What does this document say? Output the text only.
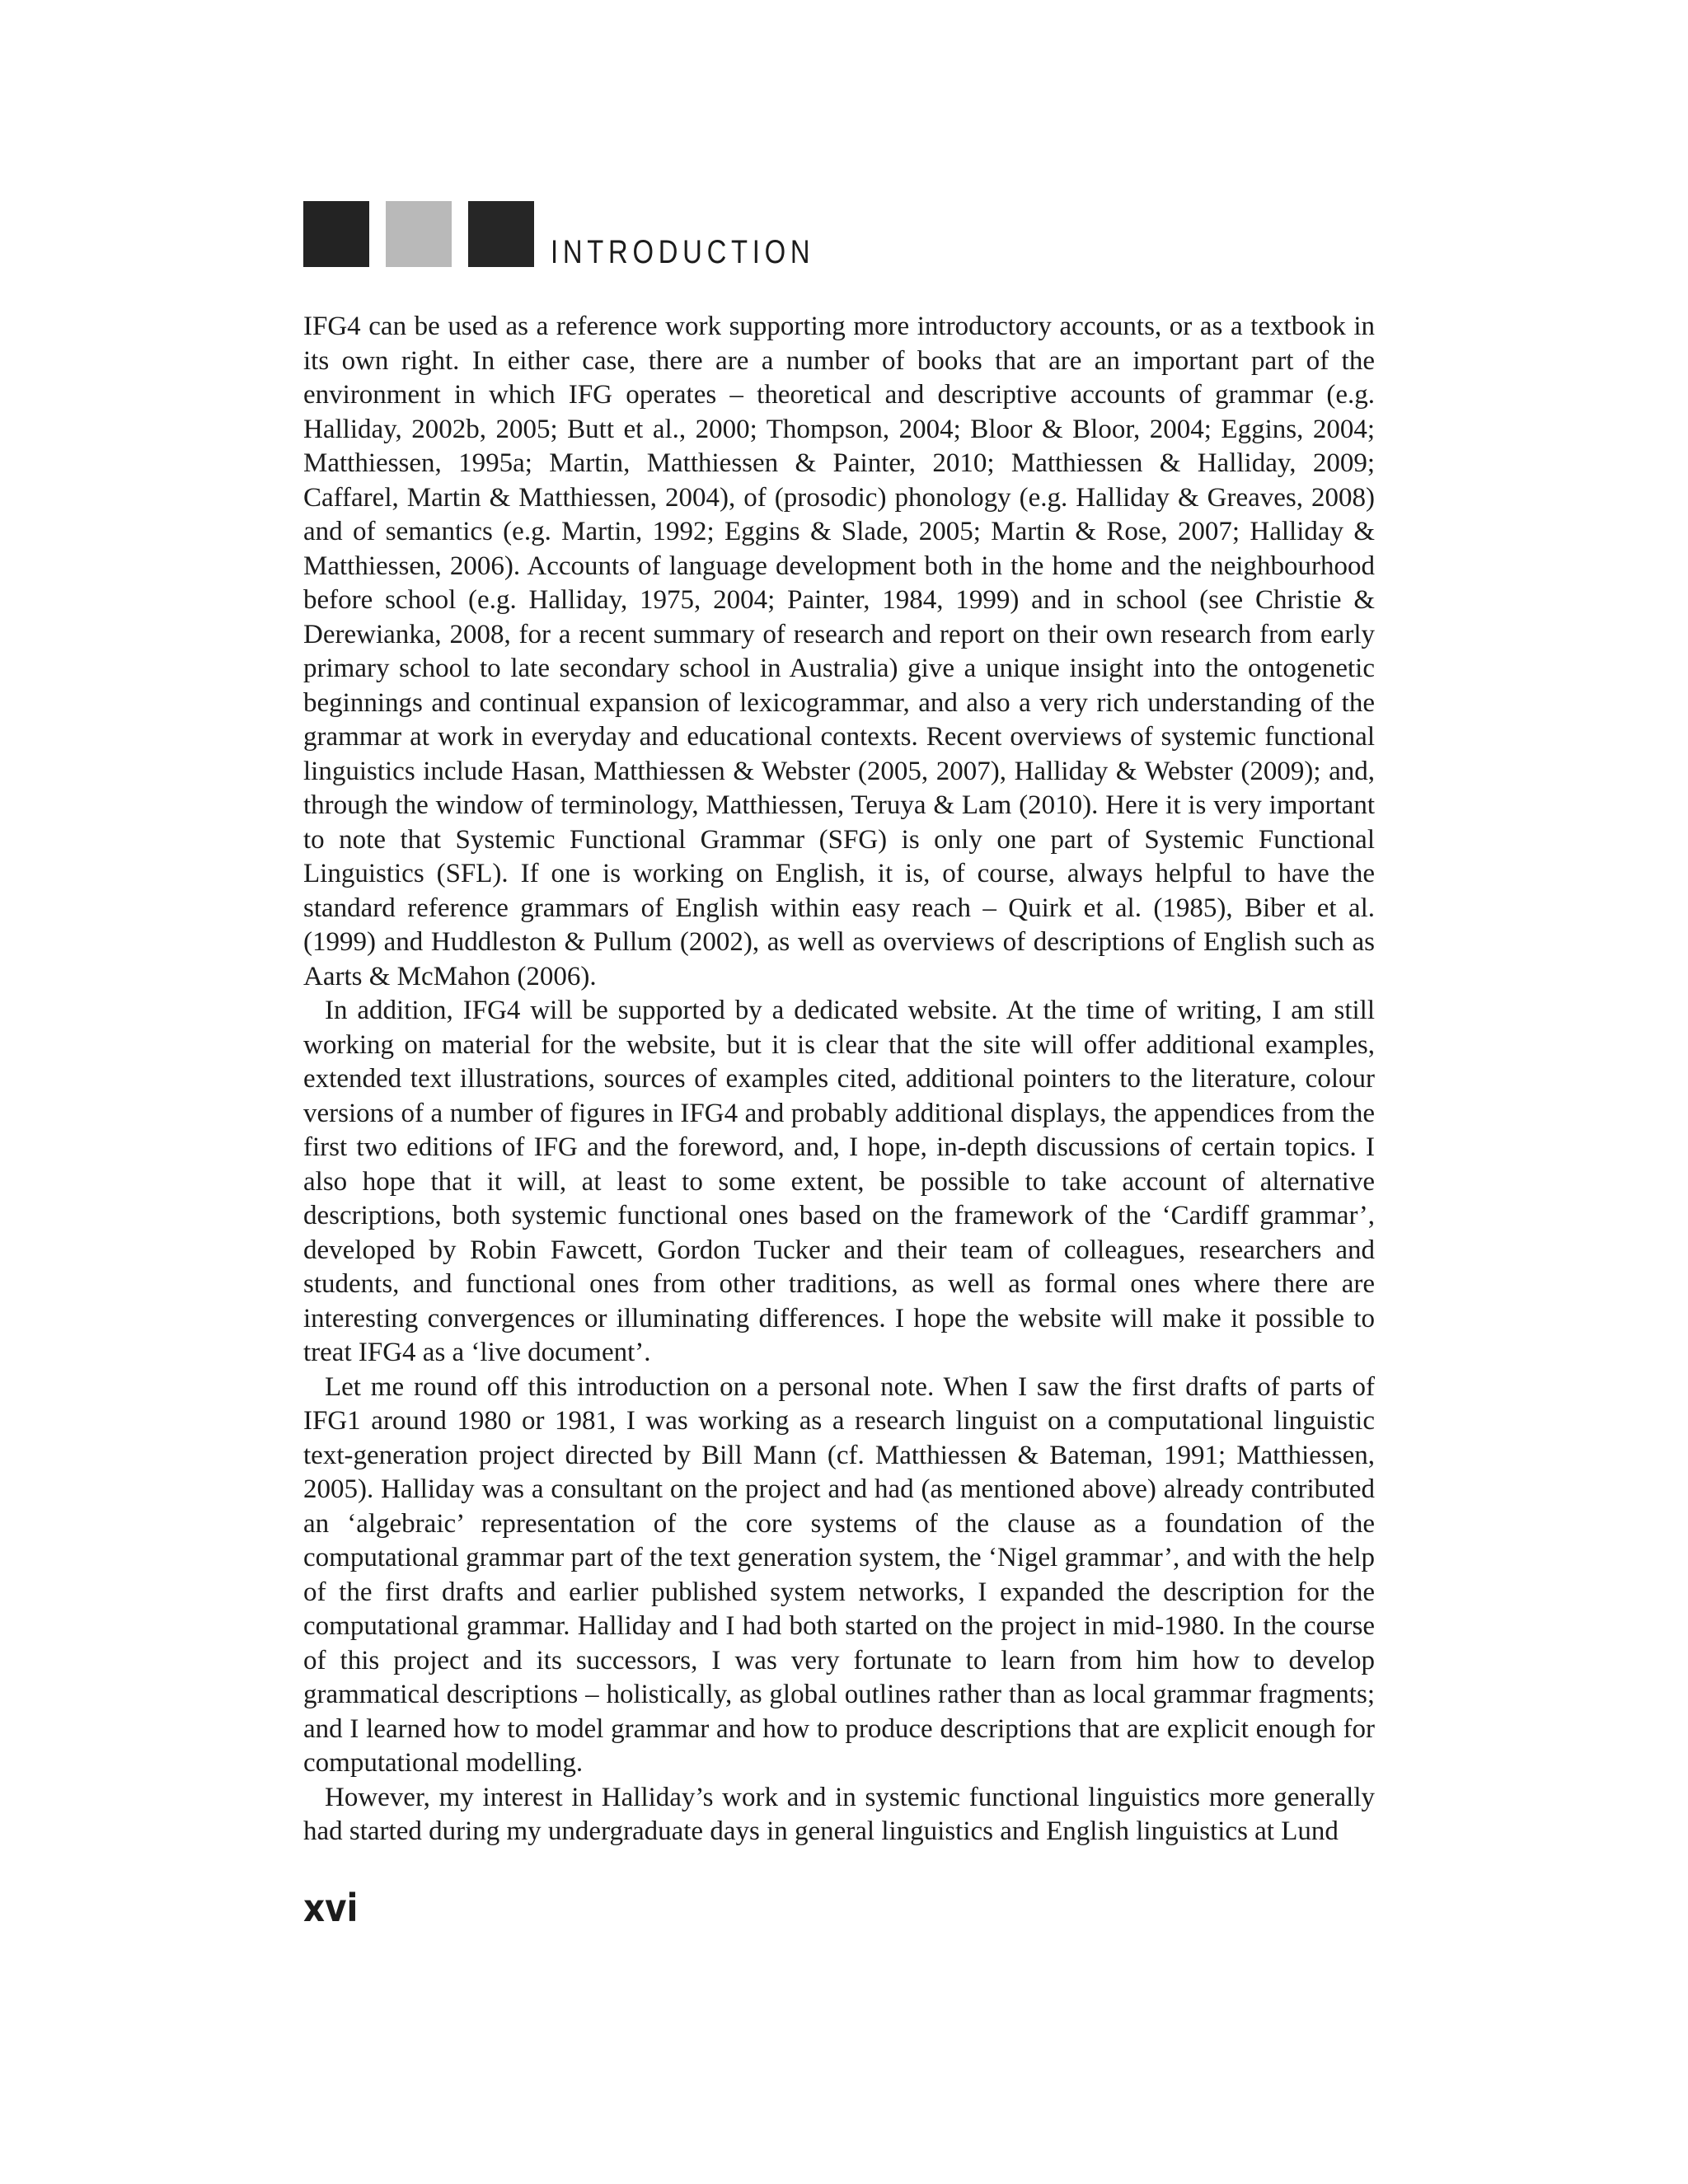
INTRODUCTION

IFG4 can be used as a reference work supporting more introductory accounts, or as a textbook in its own right. In either case, there are a number of books that are an important part of the environment in which IFG operates – theoretical and descriptive accounts of grammar (e.g. Halliday, 2002b, 2005; Butt et al., 2000; Thompson, 2004; Bloor & Bloor, 2004; Eggins, 2004; Matthiessen, 1995a; Martin, Matthiessen & Painter, 2010; Matthiessen & Halliday, 2009; Caffarel, Martin & Matthiessen, 2004), of (prosodic) phonology (e.g. Halliday & Greaves, 2008) and of semantics (e.g. Martin, 1992; Eggins & Slade, 2005; Martin & Rose, 2007; Halliday & Matthiessen, 2006). Accounts of language development both in the home and the neighbourhood before school (e.g. Halliday, 1975, 2004; Painter, 1984, 1999) and in school (see Christie & Derewianka, 2008, for a recent summary of research and report on their own research from early primary school to late secondary school in Australia) give a unique insight into the ontogenetic beginnings and continual expansion of lexicogrammar, and also a very rich understanding of the grammar at work in everyday and educational contexts. Recent overviews of systemic functional linguistics include Hasan, Matthiessen & Webster (2005, 2007), Halliday & Webster (2009); and, through the window of terminology, Matthiessen, Teruya & Lam (2010). Here it is very important to note that Systemic Functional Grammar (SFG) is only one part of Systemic Functional Linguistics (SFL). If one is working on English, it is, of course, always helpful to have the standard reference grammars of English within easy reach – Quirk et al. (1985), Biber et al. (1999) and Huddleston & Pullum (2002), as well as overviews of descriptions of English such as Aarts & McMahon (2006).

In addition, IFG4 will be supported by a dedicated website. At the time of writing, I am still working on material for the website, but it is clear that the site will offer additional examples, extended text illustrations, sources of examples cited, additional pointers to the literature, colour versions of a number of figures in IFG4 and probably additional displays, the appendices from the first two editions of IFG and the foreword, and, I hope, in-depth discussions of certain topics. I also hope that it will, at least to some extent, be possible to take account of alternative descriptions, both systemic functional ones based on the framework of the ‘Cardiff grammar’, developed by Robin Fawcett, Gordon Tucker and their team of colleagues, researchers and students, and functional ones from other traditions, as well as formal ones where there are interesting convergences or illuminating differences. I hope the website will make it possible to treat IFG4 as a ‘live document’.

Let me round off this introduction on a personal note. When I saw the first drafts of parts of IFG1 around 1980 or 1981, I was working as a research linguist on a computational linguistic text-generation project directed by Bill Mann (cf. Matthiessen & Bateman, 1991; Matthiessen, 2005). Halliday was a consultant on the project and had (as mentioned above) already contributed an ‘algebraic’ representation of the core systems of the clause as a foundation of the computational grammar part of the text generation system, the ‘Nigel grammar’, and with the help of the first drafts and earlier published system networks, I expanded the description for the computational grammar. Halliday and I had both started on the project in mid-1980. In the course of this project and its successors, I was very fortunate to learn from him how to develop grammatical descriptions – holistically, as global outlines rather than as local grammar fragments; and I learned how to model grammar and how to produce descriptions that are explicit enough for computational modelling.

However, my interest in Halliday’s work and in systemic functional linguistics more generally had started during my undergraduate days in general linguistics and English linguistics at Lund

xvi
